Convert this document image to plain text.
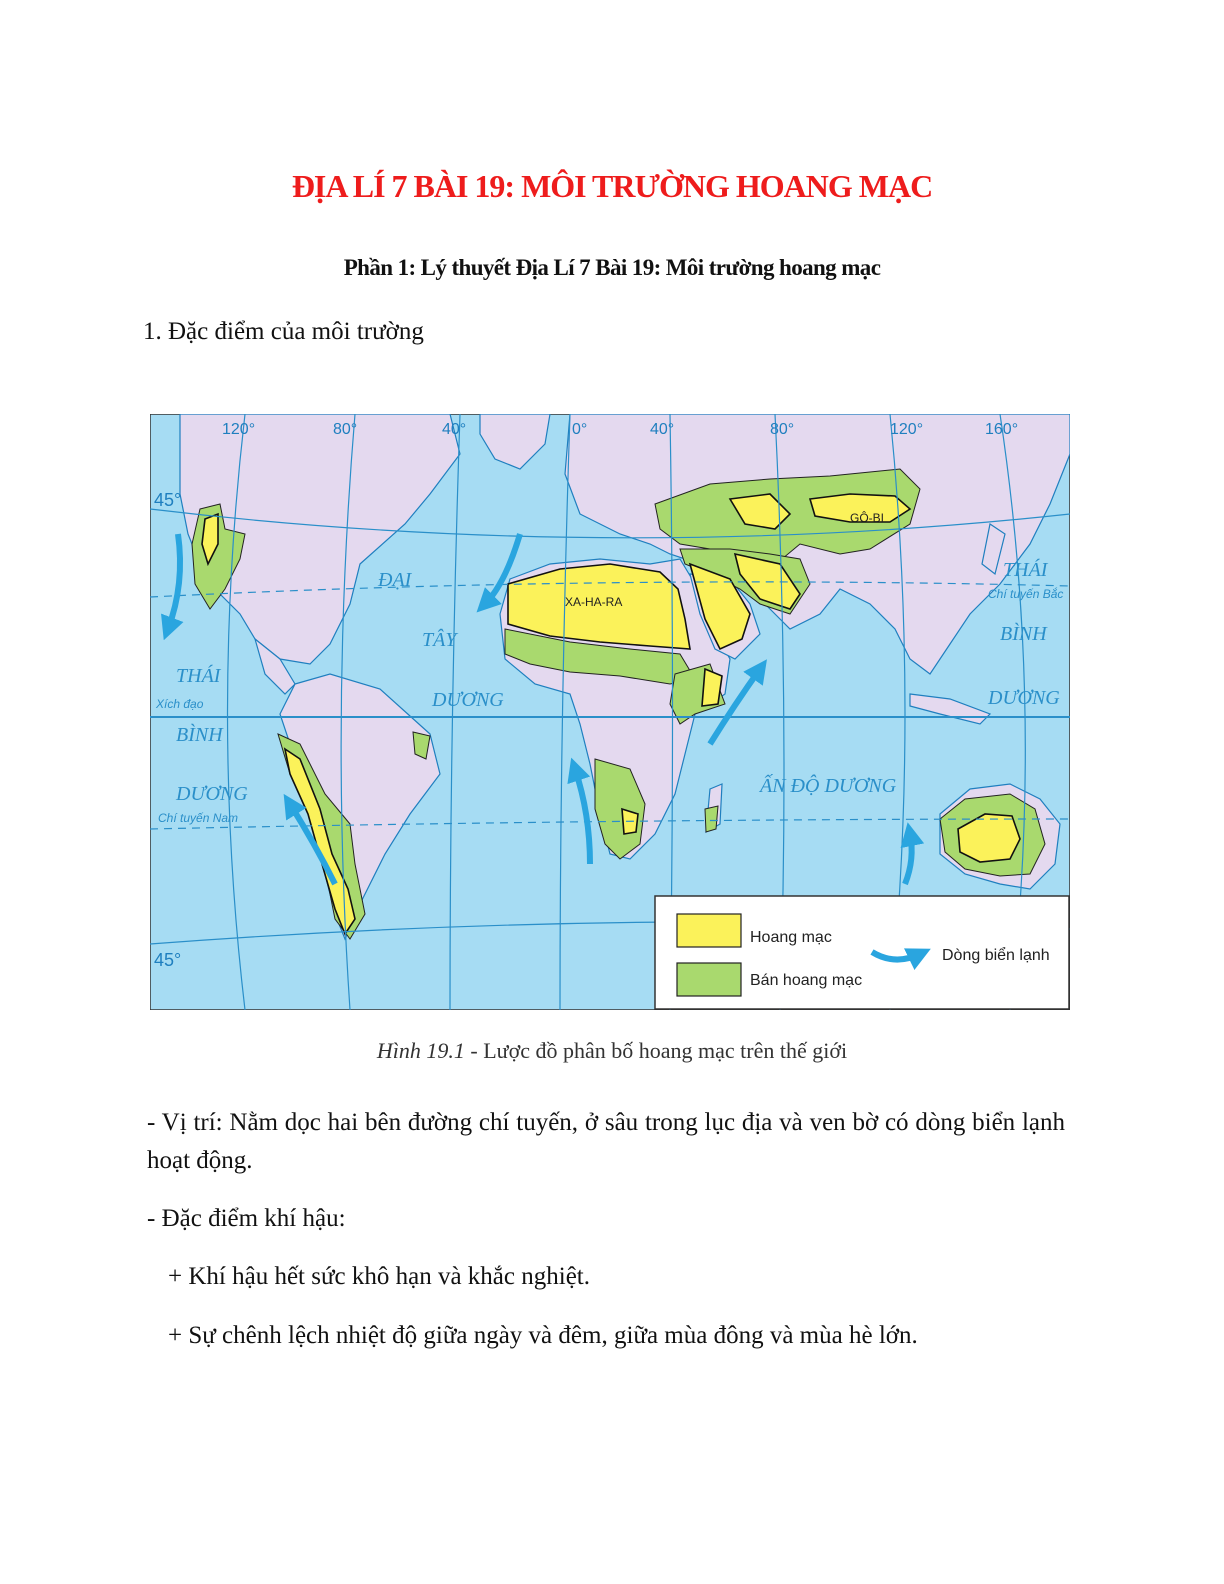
ĐỊA LÍ 7 BÀI 19: MÔI TRƯỜNG HOANG MẠC
Phần 1: Lý thuyết Địa Lí 7 Bài 19: Môi trường hoang mạc

1. Đặc điểm của môi trường

120°	80°	40°	0°	40°	80°	120°	160°
45°
45°
ĐẠI
TÂY
DƯƠNG
THÁI
BÌNH
DƯƠNG
THÁI
BÌNH
DƯƠNG
ẤN ĐỘ DƯƠNG
Chí tuyến Bắc
Xích đạo
Chí tuyến Nam
XA-HA-RA
GÔ-BI
Hoang mạc
Bán hoang mạc
Dòng biển lạnh
Hình 19.1 - Lược đồ phân bố hoang mạc trên thế giới

- Vị trí: Nằm dọc hai bên đường chí tuyến, ở sâu trong lục địa và ven bờ có dòng biển lạnh hoạt động.

- Đặc điểm khí hậu:

+ Khí hậu hết sức khô hạn và khắc nghiệt.

+ Sự chênh lệch nhiệt độ giữa ngày và đêm, giữa mùa đông và mùa hè lớn.
